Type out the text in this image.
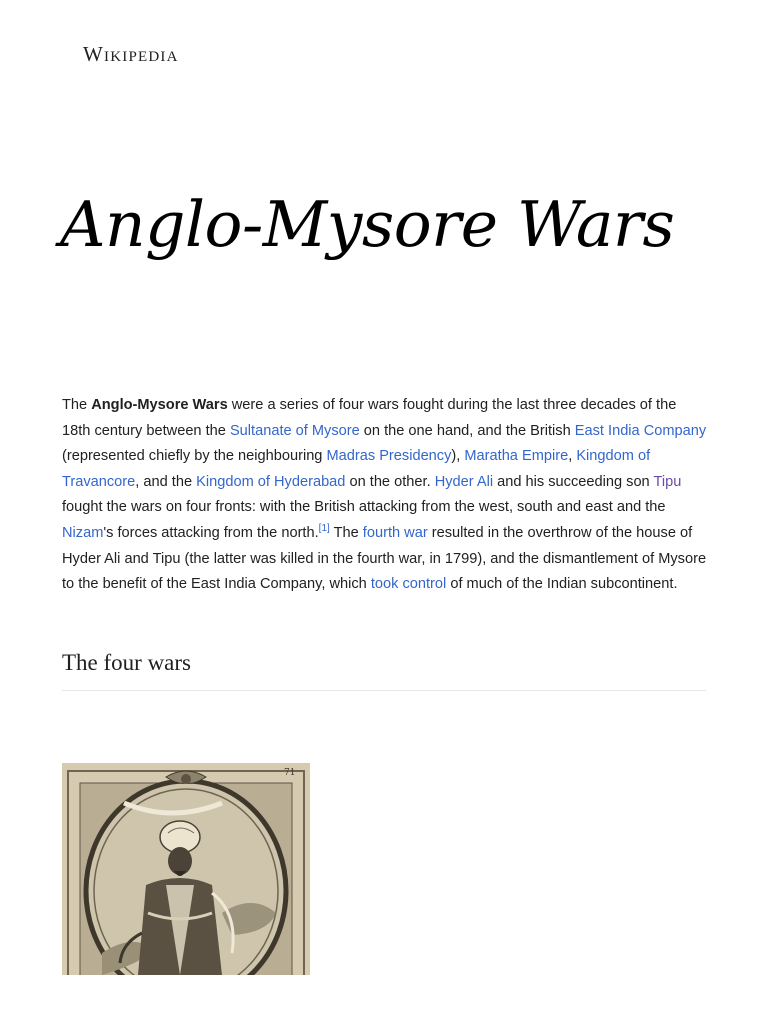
Wikipedia
Anglo-Mysore Wars

The Anglo-Mysore Wars were a series of four wars fought during the last three decades of the 18th century between the Sultanate of Mysore on the one hand, and the British East India Company (represented chiefly by the neighbouring Madras Presidency), Maratha Empire, Kingdom of Travancore, and the Kingdom of Hyderabad on the other. Hyder Ali and his succeeding son Tipu fought the wars on four fronts: with the British attacking from the west, south and east and the Nizam's forces attacking from the north.[1] The fourth war resulted in the overthrow of the house of Hyder Ali and Tipu (the latter was killed in the fourth war, in 1799), and the dismantlement of Mysore to the benefit of the East India Company, which took control of much of the Indian subcontinent.

The four wars
71
